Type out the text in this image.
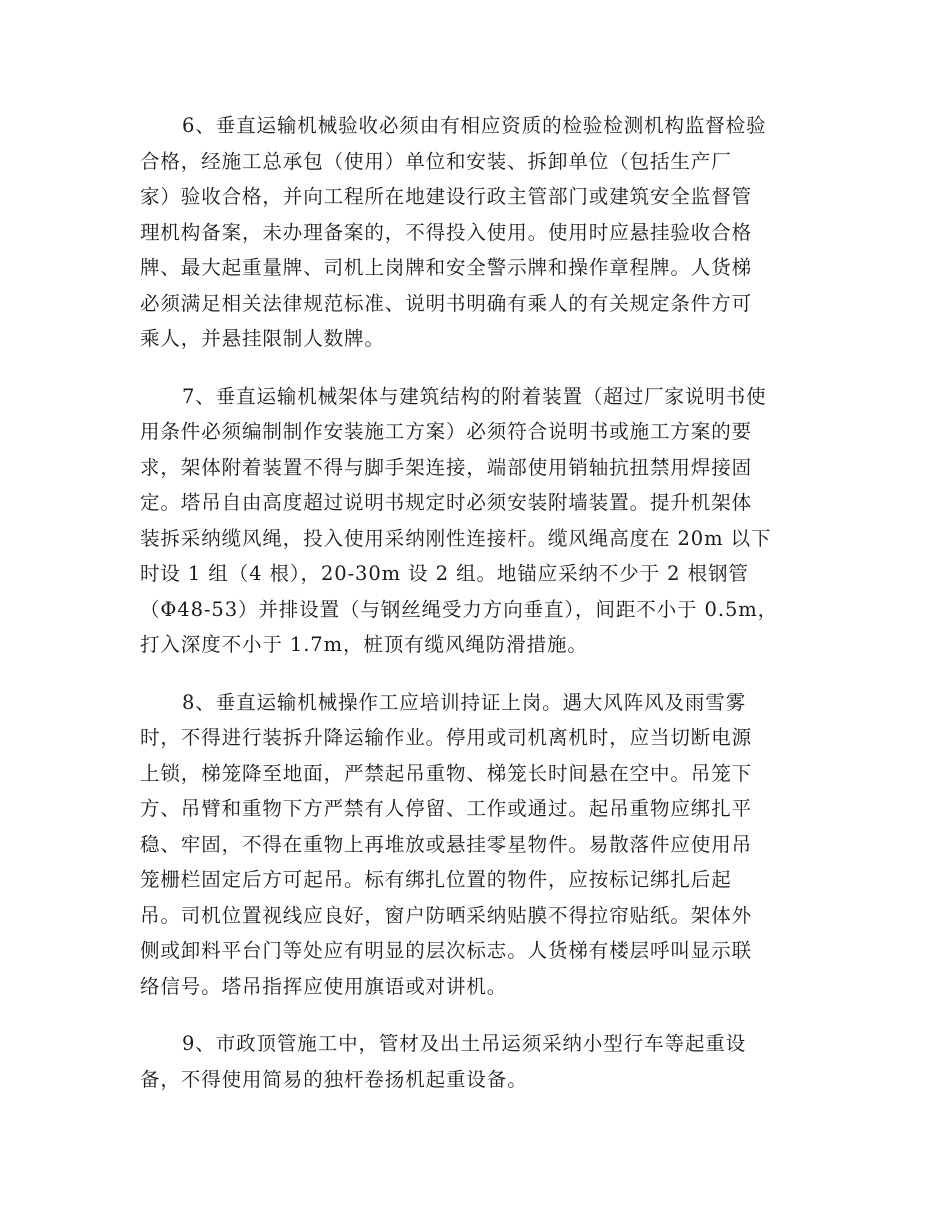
6、垂直运输机械验收必须由有相应资质的检验检测机构监督检验
合格，经施工总承包（使用）单位和安装、拆卸单位（包括生产厂
家）验收合格，并向工程所在地建设行政主管部门或建筑安全监督管
理机构备案，未办理备案的，不得投入使用。使用时应悬挂验收合格
牌、最大起重量牌、司机上岗牌和安全警示牌和操作章程牌。人货梯
必须满足相关法律规范标准、说明书明确有乘人的有关规定条件方可
乘人，并悬挂限制人数牌。

7、垂直运输机械架体与建筑结构的附着装置（超过厂家说明书使
用条件必须编制制作安装施工方案）必须符合说明书或施工方案的要
求，架体附着装置不得与脚手架连接，端部使用销轴抗扭禁用焊接固
定。塔吊自由高度超过说明书规定时必须安装附墙装置。提升机架体
装拆采纳缆风绳，投入使用采纳刚性连接杆。缆风绳高度在 20m 以下
时设 1 组（4 根），20-30m 设 2 组。地锚应采纳不少于 2 根钢管
（Φ48-53）并排设置（与钢丝绳受力方向垂直），间距不小于 0.5m，
打入深度不小于 1.7m，桩顶有缆风绳防滑措施。

8、垂直运输机械操作工应培训持证上岗。遇大风阵风及雨雪雾
时，不得进行装拆升降运输作业。停用或司机离机时，应当切断电源
上锁，梯笼降至地面，严禁起吊重物、梯笼长时间悬在空中。吊笼下
方、吊臂和重物下方严禁有人停留、工作或通过。起吊重物应绑扎平
稳、牢固，不得在重物上再堆放或悬挂零星物件。易散落件应使用吊
笼栅栏固定后方可起吊。标有绑扎位置的物件，应按标记绑扎后起
吊。司机位置视线应良好，窗户防晒采纳贴膜不得拉帘贴纸。架体外
侧或卸料平台门等处应有明显的层次标志。人货梯有楼层呼叫显示联
络信号。塔吊指挥应使用旗语或对讲机。

9、市政顶管施工中，管材及出土吊运须采纳小型行车等起重设
备，不得使用简易的独杆卷扬机起重设备。
